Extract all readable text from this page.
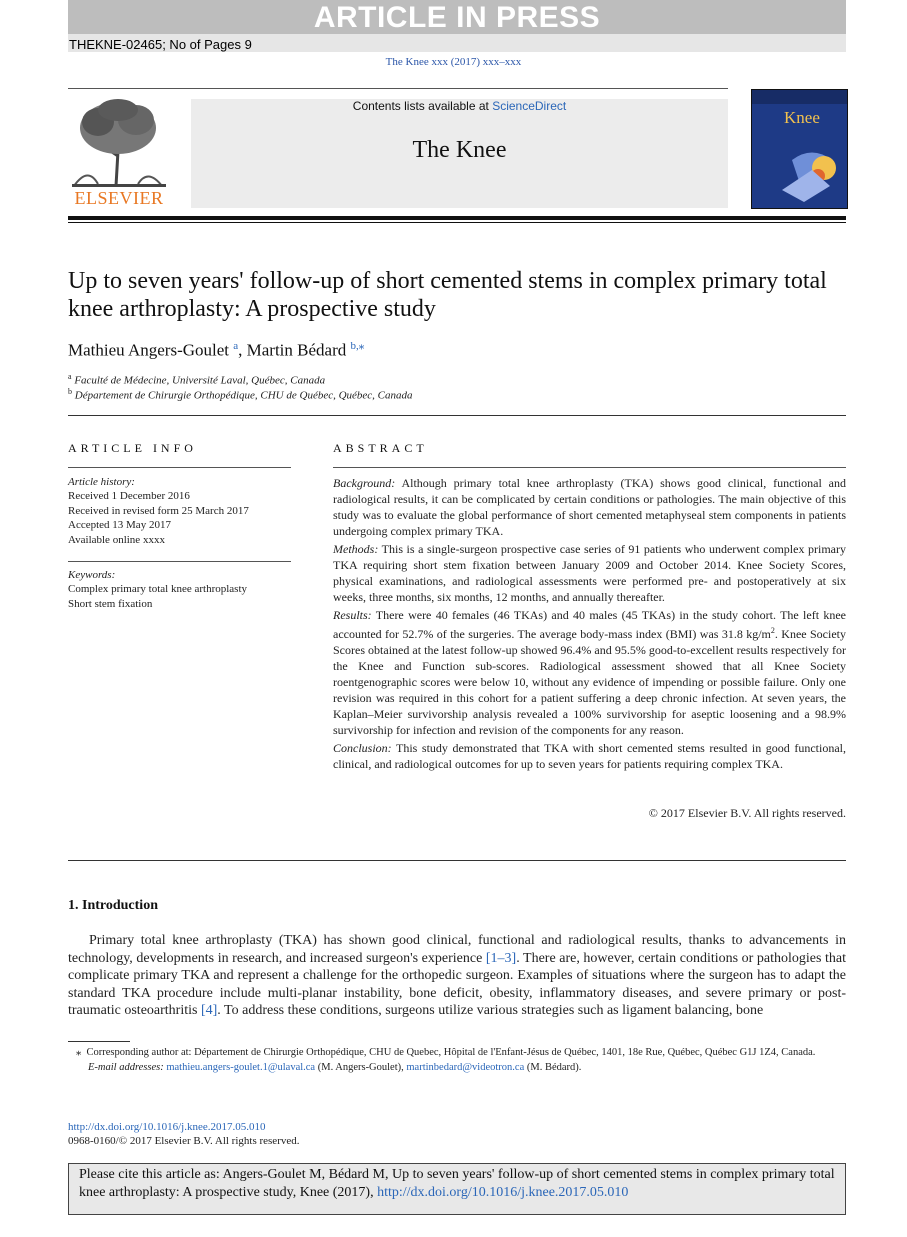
ARTICLE IN PRESS
THEKNE-02465; No of Pages 9
The Knee xxx (2017) xxx–xxx
ELSEVIER
Contents lists available at ScienceDirect
The Knee
Knee
Up to seven years' follow-up of short cemented stems in complex primary total knee arthroplasty: A prospective study
Mathieu Angers-Goulet $^a$, Martin Bédard $^{b,⁎}$
$^a$ Faculté de Médecine, Université Laval, Québec, Canada
$^b$ Département de Chirurgie Orthopédique, CHU de Québec, Québec, Canada
ARTICLE INFO
Article history:
Received 1 December 2016
Received in revised form 25 March 2017
Accepted 13 May 2017
Available online xxxx
Keywords:
Complex primary total knee arthroplasty
Short stem fixation
ABSTRACT

Background: Although primary total knee arthroplasty (TKA) shows good clinical, functional and radiological results, it can be complicated by certain conditions or pathologies. The main objective of this study was to evaluate the global performance of short cemented metaphyseal stem components in patients undergoing complex primary TKA.

Methods: This is a single-surgeon prospective case series of 91 patients who underwent complex primary TKA requiring short stem fixation between January 2009 and October 2014. Knee Society Scores, physical examinations, and radiological assessments were performed pre- and postoperatively at six weeks, three months, six months, 12 months, and annually thereafter.

Results: There were 40 females (46 TKAs) and 40 males (45 TKAs) in the study cohort. The left knee accounted for 52.7% of the surgeries. The average body-mass index (BMI) was 31.8 $kg/m^2$. Knee Society Scores obtained at the latest follow-up showed 96.4% and 95.5% good-to-excellent results respectively for the Knee and Function sub-scores. Radiological assessment showed that all Knee Society roentgenographic scores were below 10, without any evidence of impending or possible failure. Only one revision was required in this cohort for a patient suffering a deep chronic infection. At seven years, the Kaplan–Meier survivorship analysis revealed a 100% survivorship for aseptic loosening and a 98.9% survivorship for infection and revision of the components for any reason.

Conclusion: This study demonstrated that TKA with short cemented stems resulted in good functional, clinical, and radiological outcomes for up to seven years for patients requiring complex TKA.

© 2017 Elsevier B.V. All rights reserved.
1. Introduction
Primary total knee arthroplasty (TKA) has shown good clinical, functional and radiological results, thanks to advancements in technology, developments in research, and increased surgeon's experience [1–3]. There are, however, certain conditions or pathologies that complicate primary TKA and represent a challenge for the orthopedic surgeon. Examples of situations where the surgeon has to adapt the standard TKA procedure include multi-planar instability, bone deficit, obesity, inflammatory diseases, and severe primary or post-traumatic osteoarthritis [4]. To address these conditions, surgeons utilize various strategies such as ligament balancing, bone
⁎ Corresponding author at: Département de Chirurgie Orthopédique, CHU de Quebec, Hôpital de l'Enfant-Jésus de Québec, 1401, 18e Rue, Québec, Québec G1J 1Z4, Canada.
E-mail addresses: mathieu.angers-goulet.1@ulaval.ca (M. Angers-Goulet), martinbedard@videotron.ca (M. Bédard).
http://dx.doi.org/10.1016/j.knee.2017.05.010
0968-0160/© 2017 Elsevier B.V. All rights reserved.
Please cite this article as: Angers-Goulet M, Bédard M, Up to seven years' follow-up of short cemented stems in complex primary total knee arthroplasty: A prospective study, Knee (2017), http://dx.doi.org/10.1016/j.knee.2017.05.010
